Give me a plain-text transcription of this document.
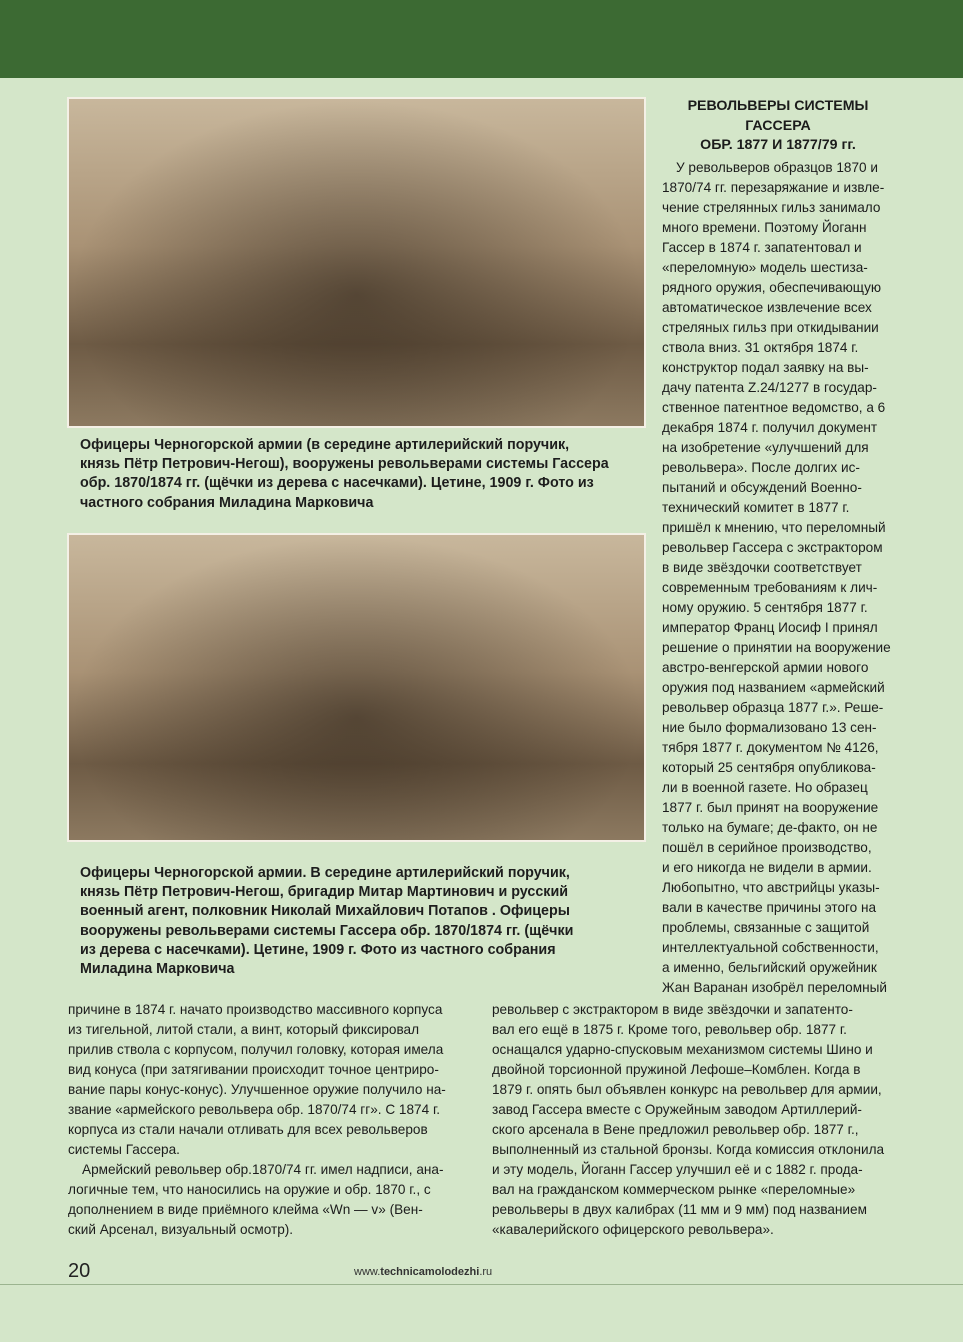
Офицеры Черногорской армии (в середине артилерийский поручик,
князь Пётр Петрович-Негош), вооружены револьверами системы Гассера
обр. 1870/1874 гг. (щёчки из дерева с насечками). Цетине, 1909 г. Фото из
частного собрания Миладина Марковича
Офицеры Черногорской армии. В середине артилерийский поручик,
князь Пётр Петрович-Негош, бригадир Митар Мартинович и русский
военный агент, полковник Николай Михайлович Потапов . Офицеры
вооружены револьверами системы Гассера обр. 1870/1874 гг. (щёчки
из дерева с насечками). Цетине, 1909 г. Фото из частного собрания
Миладина Марковича
РЕВОЛЬВЕРЫ СИСТЕМЫ
ГАССЕРА
ОБР. 1877 И 1877/79 гг.
У револьверов образцов 1870 и
1870/74 гг. перезаряжание и извле-
чение стрелянных гильз занимало
много времени. Поэтому Йоганн
Гассер в 1874 г. запатентовал и
«переломную» модель шестиза-
рядного оружия, обеспечивающую
автоматическое извлечение всех
стреляных гильз при откидывании
ствола вниз. 31 октября 1874 г.
конструктор подал заявку на вы-
дачу патента Z.24/1277 в государ-
ственное патентное ведомство, а 6
декабря 1874 г. получил документ
на изобретение «улучшений для
револьвера». После долгих ис-
пытаний и обсуждений Военно-
технический комитет в 1877 г.
пришёл к мнению, что переломный
револьвер Гассера с экстрактором
в виде звёздочки соответствует
современным требованиям к лич-
ному оружию. 5 сентября 1877 г.
император Франц Иосиф I принял
решение о принятии на вооружение
австро-венгерской армии нового
оружия под названием «армейский
револьвер образца 1877 г.». Реше-
ние было формализовано 13 сен-
тября 1877 г. документом № 4126,
который 25 сентября опубликова-
ли в военной газете. Но образец
1877 г. был принят на вооружение
только на бумаге; де-факто, он не
пошёл в серийное производство,
и его никогда не видели в армии.
Любопытно, что австрийцы указы-
вали в качестве причины этого на
проблемы, связанные с защитой
интеллектуальной собственности,
а именно, бельгийский оружейник
Жан Варанан изобрёл переломный
причине в 1874 г. начато производство массивного корпуса
из тигельной, литой стали, а винт, который фиксировал
прилив ствола с корпусом, получил головку, которая имела
вид конуса (при затягивании происходит точное центриро-
вание пары конус-конус). Улучшенное оружие получило на-
звание «армейского револьвера обр. 1870/74 гг». С 1874 г.
корпуса из стали начали отливать для всех револьверов
системы Гассера.
Армейский револьвер обр.1870/74 гг. имел надписи, ана-
логичные тем, что наносились на оружие и обр. 1870 г., с
дополнением в виде приёмного клейма «Wn — v» (Вен-
ский Арсенал, визуальный осмотр).
револьвер с экстрактором в виде звёздочки и запатенто-
вал его ещё в 1875 г. Кроме того, револьвер обр. 1877 г.
оснащался ударно-спусковым механизмом системы Шино и
двойной торсионной пружиной Лефоше–Комблен. Когда в
1879 г. опять был объявлен конкурс на револьвер для армии,
завод Гассера вместе с Оружейным заводом Артиллерий-
ского арсенала в Вене предложил револьвер обр. 1877 г.,
выполненный из стальной бронзы. Когда комиссия отклонила
и эту модель, Йоганн Гассер улучшил её и с 1882 г. прода-
вал на гражданском коммерческом рынке «переломные»
револьверы в двух калибрах (11 мм и 9 мм) под названием
«кавалерийского офицерского револьвера».
20	www.technicamolodezhi.ru
